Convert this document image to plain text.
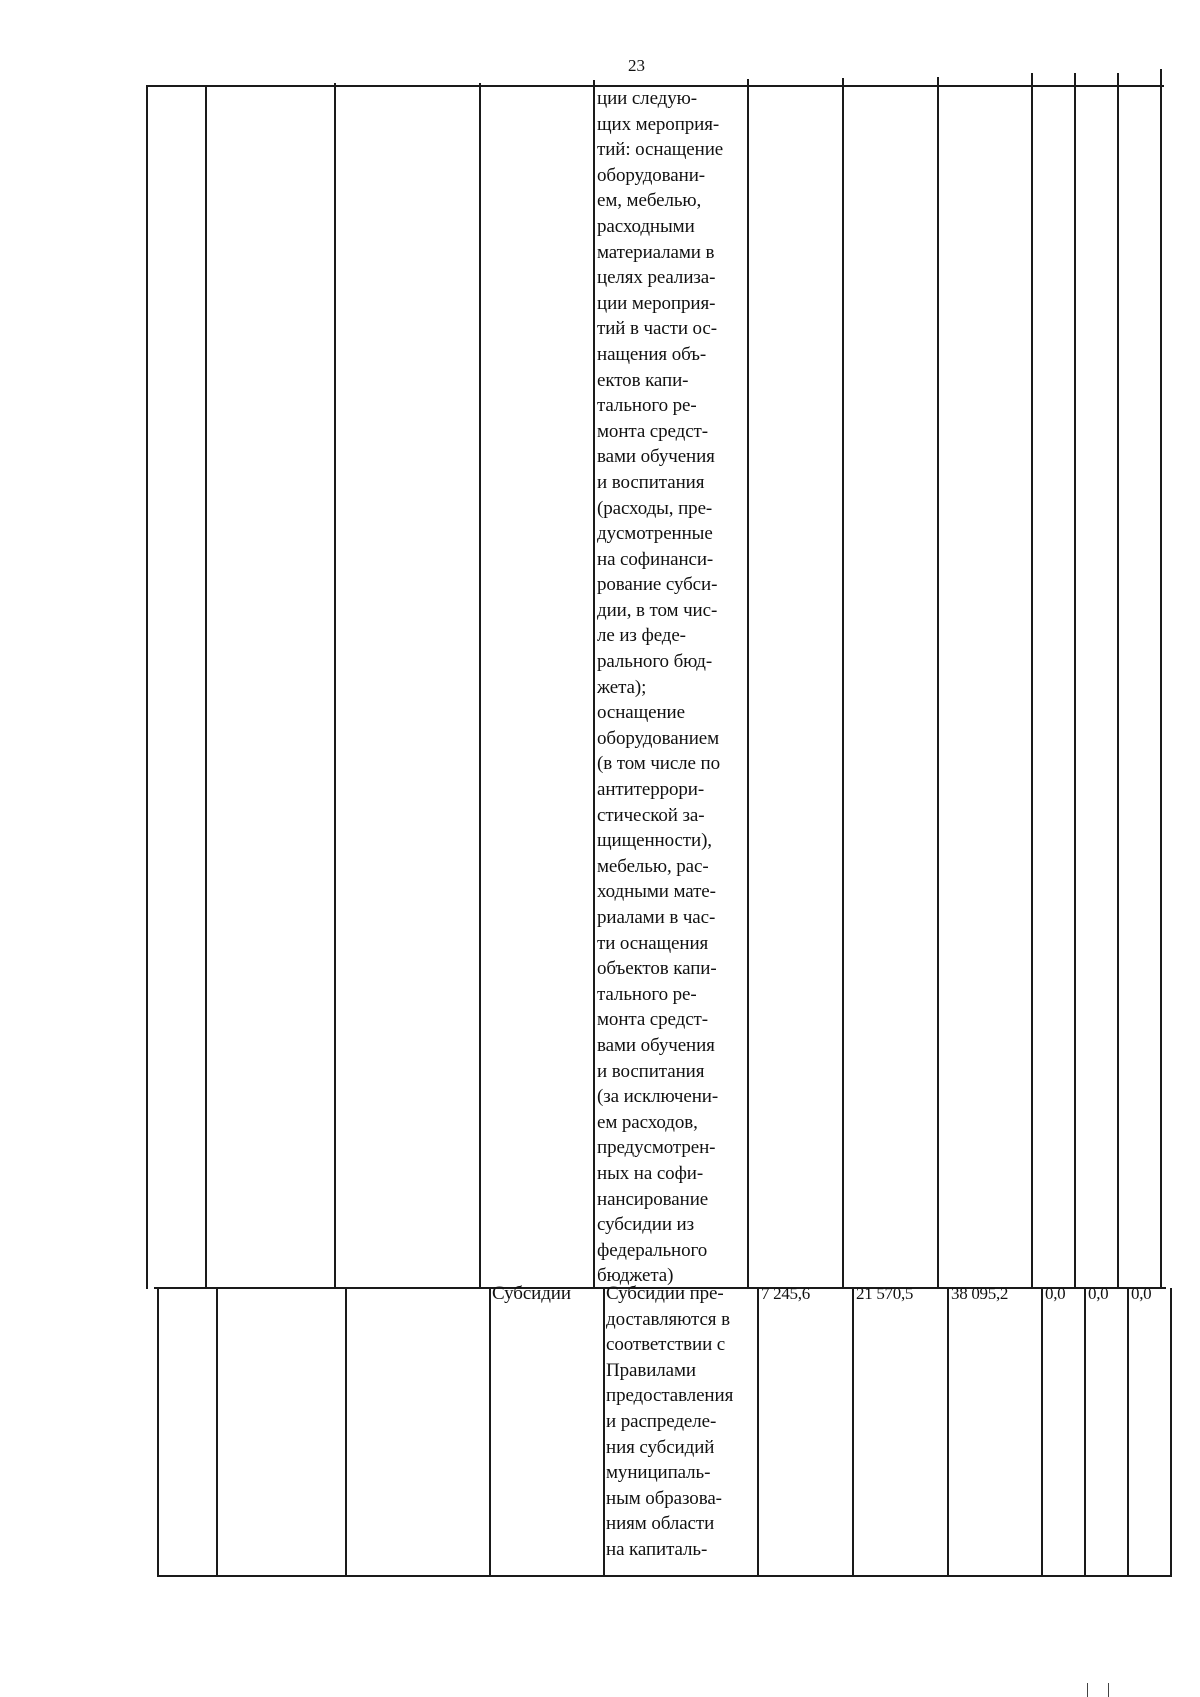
23
ции следую-
щих мероприя-
тий: оснащение
оборудовани-
ем, мебелью,
расходными
материалами в
целях реализа-
ции мероприя-
тий в части ос-
нащения объ-
ектов капи-
тального ре-
монта средст-
вами обучения
и воспитания
(расходы, пре-
дусмотренные
на софинанси-
рование субси-
дии, в том чис-
ле из феде-
рального бюд-
жета);
оснащение
оборудованием
(в том числе по
антитеррори-
стической за-
щищенности),
мебелью, рас-
ходными мате-
риалами в час-
ти оснащения
объектов капи-
тального ре-
монта средст-
вами обучения
и воспитания
(за исключени-
ем расходов,
предусмотрен-
ных на софи-
нансирование
субсидии из
федерального
бюджета)
Субсидии Субсидии пре-
доставляются в
соответствии с
Правилами
предоставления
и распределе-
ния субсидий
муниципаль-
ным образова-
ниям области
на капиталь-
7 245,6	21 570,5 38 095,2 0,0 0,0 0,0
